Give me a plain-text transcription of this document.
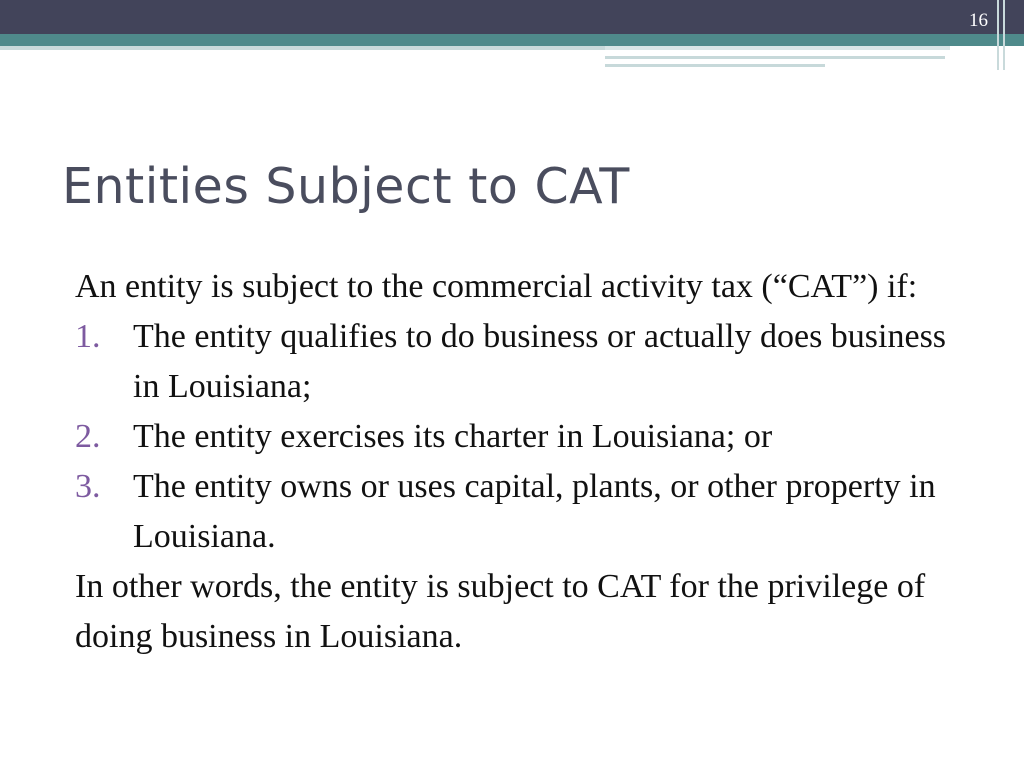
16
Entities Subject to CAT

An entity is subject to the commercial activity tax (“CAT”) if:

1. The entity qualifies to do business or actually does business in Louisiana;
2. The entity exercises its charter in Louisiana; or
3. The entity owns or uses capital, plants, or other property in Louisiana.

In other words, the entity is subject to CAT for the privilege of doing business in Louisiana.
